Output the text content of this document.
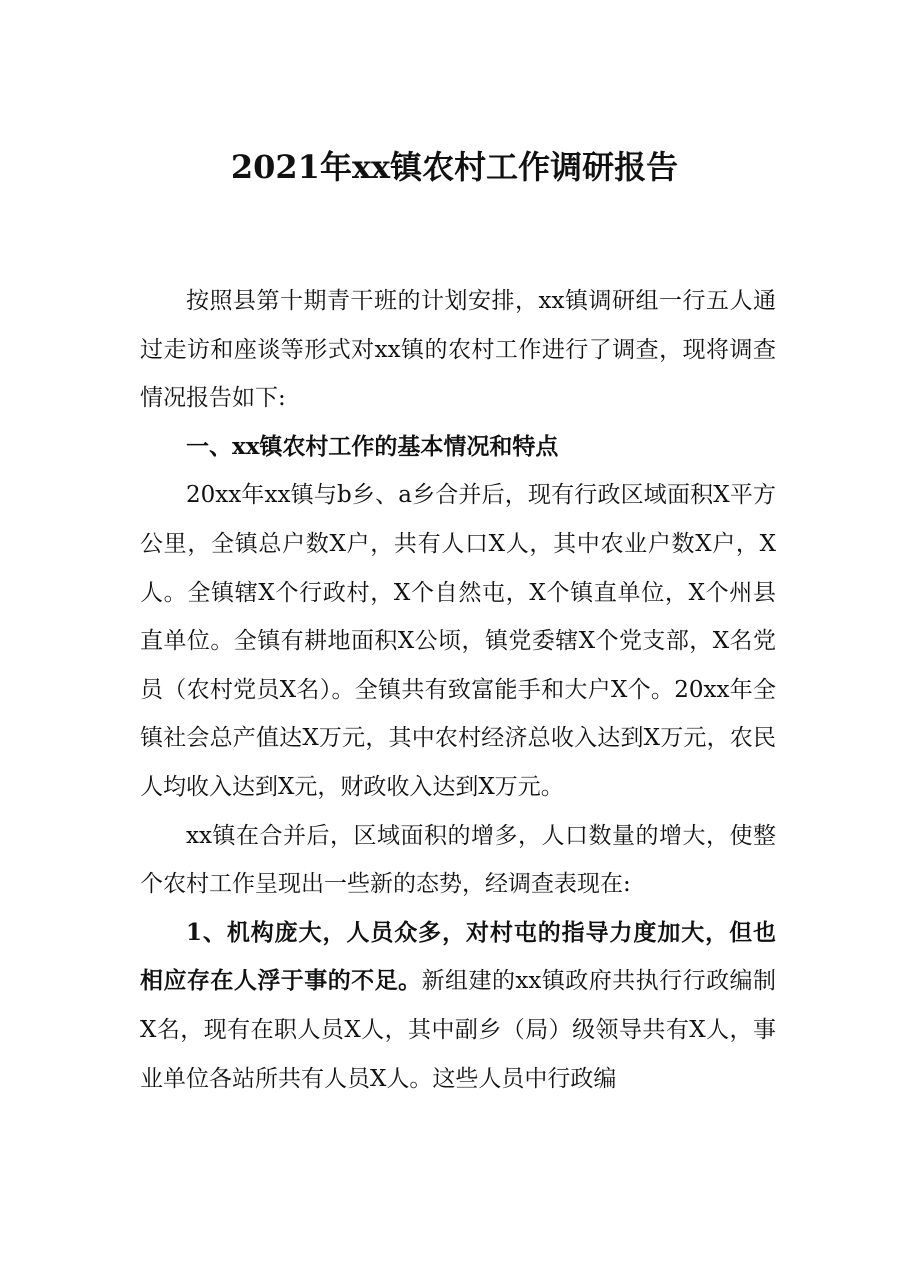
2021年xx镇农村工作调研报告

按照县第十期青干班的计划安排，xx镇调研组一行五人通过走访和座谈等形式对xx镇的农村工作进行了调查，现将调查情况报告如下:

一、xx镇农村工作的基本情况和特点

20xx年xx镇与b乡、a乡合并后，现有行政区域面积X平方公里，全镇总户数X户，共有人口X人，其中农业户数X户，X人。全镇辖X个行政村，X个自然屯，X个镇直单位，X个州县直单位。全镇有耕地面积X公顷，镇党委辖X个党支部，X名党员（农村党员X名）。全镇共有致富能手和大户X个。20xx年全镇社会总产值达X万元，其中农村经济总收入达到X万元，农民人均收入达到X元，财政收入达到X万元。

xx镇在合并后，区域面积的增多，人口数量的增大，使整个农村工作呈现出一些新的态势，经调查表现在:

1、机构庞大，人员众多，对村屯的指导力度加大，但也相应存在人浮于事的不足。新组建的xx镇政府共执行行政编制X名，现有在职人员X人，其中副乡（局）级领导共有X人，事业单位各站所共有人员X人。这些人员中行政编
